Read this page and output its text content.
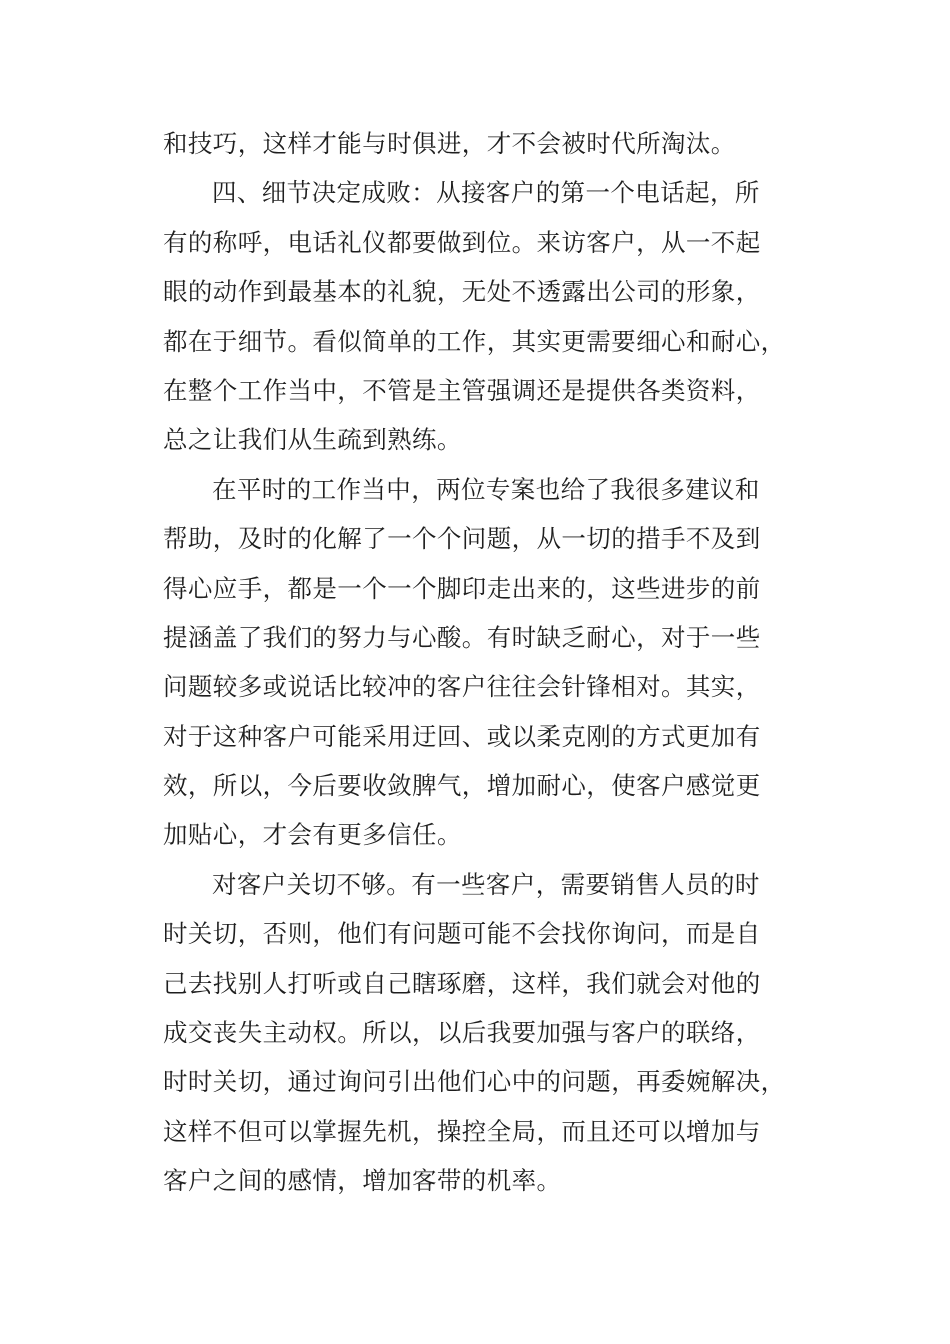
和技巧，这样才能与时俱进，才不会被时代所淘汰。
四、细节决定成败：从接客户的第一个电话起，所
有的称呼，电话礼仪都要做到位。来访客户，从一不起
眼的动作到最基本的礼貌，无处不透露出公司的形象，
都在于细节。看似简单的工作，其实更需要细心和耐心，
在整个工作当中，不管是主管强调还是提供各类资料，
总之让我们从生疏到熟练。
在平时的工作当中，两位专案也给了我很多建议和
帮助，及时的化解了一个个问题，从一切的措手不及到
得心应手，都是一个一个脚印走出来的，这些进步的前
提涵盖了我们的努力与心酸。有时缺乏耐心，对于一些
问题较多或说话比较冲的客户往往会针锋相对。其实，
对于这种客户可能采用迂回、或以柔克刚的方式更加有
效，所以，今后要收敛脾气，增加耐心，使客户感觉更
加贴心，才会有更多信任。
对客户关切不够。有一些客户，需要销售人员的时
时关切，否则，他们有问题可能不会找你询问，而是自
己去找别人打听或自己瞎琢磨，这样，我们就会对他的
成交丧失主动权。所以，以后我要加强与客户的联络，
时时关切，通过询问引出他们心中的问题，再委婉解决，
这样不但可以掌握先机，操控全局，而且还可以增加与
客户之间的感情，增加客带的机率。
